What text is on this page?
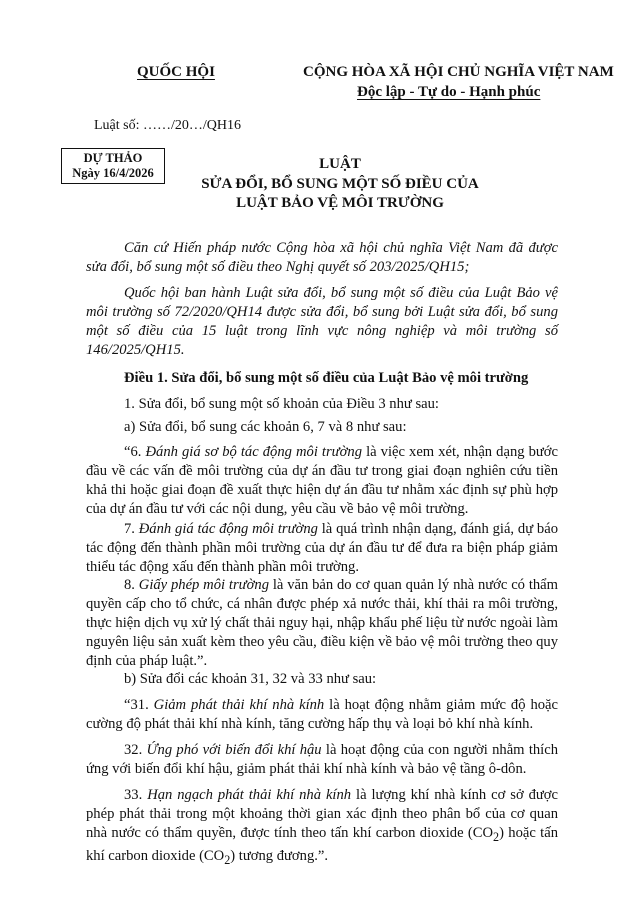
QUỐC HỘI	CỘNG HÒA XÃ HỘI CHỦ NGHĨA VIỆT NAM
Độc lập - Tự do - Hạnh phúc
Luật số: ……/20…/QH16
DỰ THẢO
Ngày 16/4/2026
LUẬT
SỬA ĐỔI, BỔ SUNG MỘT SỐ ĐIỀU CỦA
LUẬT BẢO VỆ MÔI TRƯỜNG
Căn cứ Hiến pháp nước Cộng hòa xã hội chủ nghĩa Việt Nam đã được sửa đổi, bổ sung một số điều theo Nghị quyết số 203/2025/QH15;
Quốc hội ban hành Luật sửa đổi, bổ sung một số điều của Luật Bảo vệ môi trường số 72/2020/QH14 được sửa đổi, bổ sung bởi Luật sửa đổi, bổ sung một số điều của 15 luật trong lĩnh vực nông nghiệp và môi trường số 146/2025/QH15.
Điều 1. Sửa đổi, bổ sung một số điều của Luật Bảo vệ môi trường
1. Sửa đổi, bổ sung một số khoản của Điều 3 như sau:
a) Sửa đổi, bổ sung các khoản 6, 7 và 8 như sau:
“6. Đánh giá sơ bộ tác động môi trường là việc xem xét, nhận dạng bước đầu về các vấn đề môi trường của dự án đầu tư trong giai đoạn nghiên cứu tiền khả thi hoặc giai đoạn đề xuất thực hiện dự án đầu tư nhằm xác định sự phù hợp của dự án đầu tư với các nội dung, yêu cầu về bảo vệ môi trường.
7. Đánh giá tác động môi trường là quá trình nhận dạng, đánh giá, dự báo tác động đến thành phần môi trường của dự án đầu tư để đưa ra biện pháp giảm thiểu tác động xấu đến thành phần môi trường.
8. Giấy phép môi trường là văn bản do cơ quan quản lý nhà nước có thẩm quyền cấp cho tổ chức, cá nhân được phép xả nước thải, khí thải ra môi trường, thực hiện dịch vụ xử lý chất thải nguy hại, nhập khẩu phế liệu từ nước ngoài làm nguyên liệu sản xuất kèm theo yêu cầu, điều kiện về bảo vệ môi trường theo quy định của pháp luật.”.
b) Sửa đổi các khoản 31, 32 và 33 như sau:
“31. Giảm phát thải khí nhà kính là hoạt động nhằm giảm mức độ hoặc cường độ phát thải khí nhà kính, tăng cường hấp thụ và loại bỏ khí nhà kính.
32. Ứng phó với biến đổi khí hậu là hoạt động của con người nhằm thích ứng với biến đổi khí hậu, giảm phát thải khí nhà kính và bảo vệ tầng ô-dôn.
33. Hạn ngạch phát thải khí nhà kính là lượng khí nhà kính cơ sở được phép phát thải trong một khoảng thời gian xác định theo phân bổ của cơ quan nhà nước có thẩm quyền, được tính theo tấn khí carbon dioxide $(CO_2)$ hoặc tấn khí carbon dioxide $(CO_2)$ tương đương.”.
